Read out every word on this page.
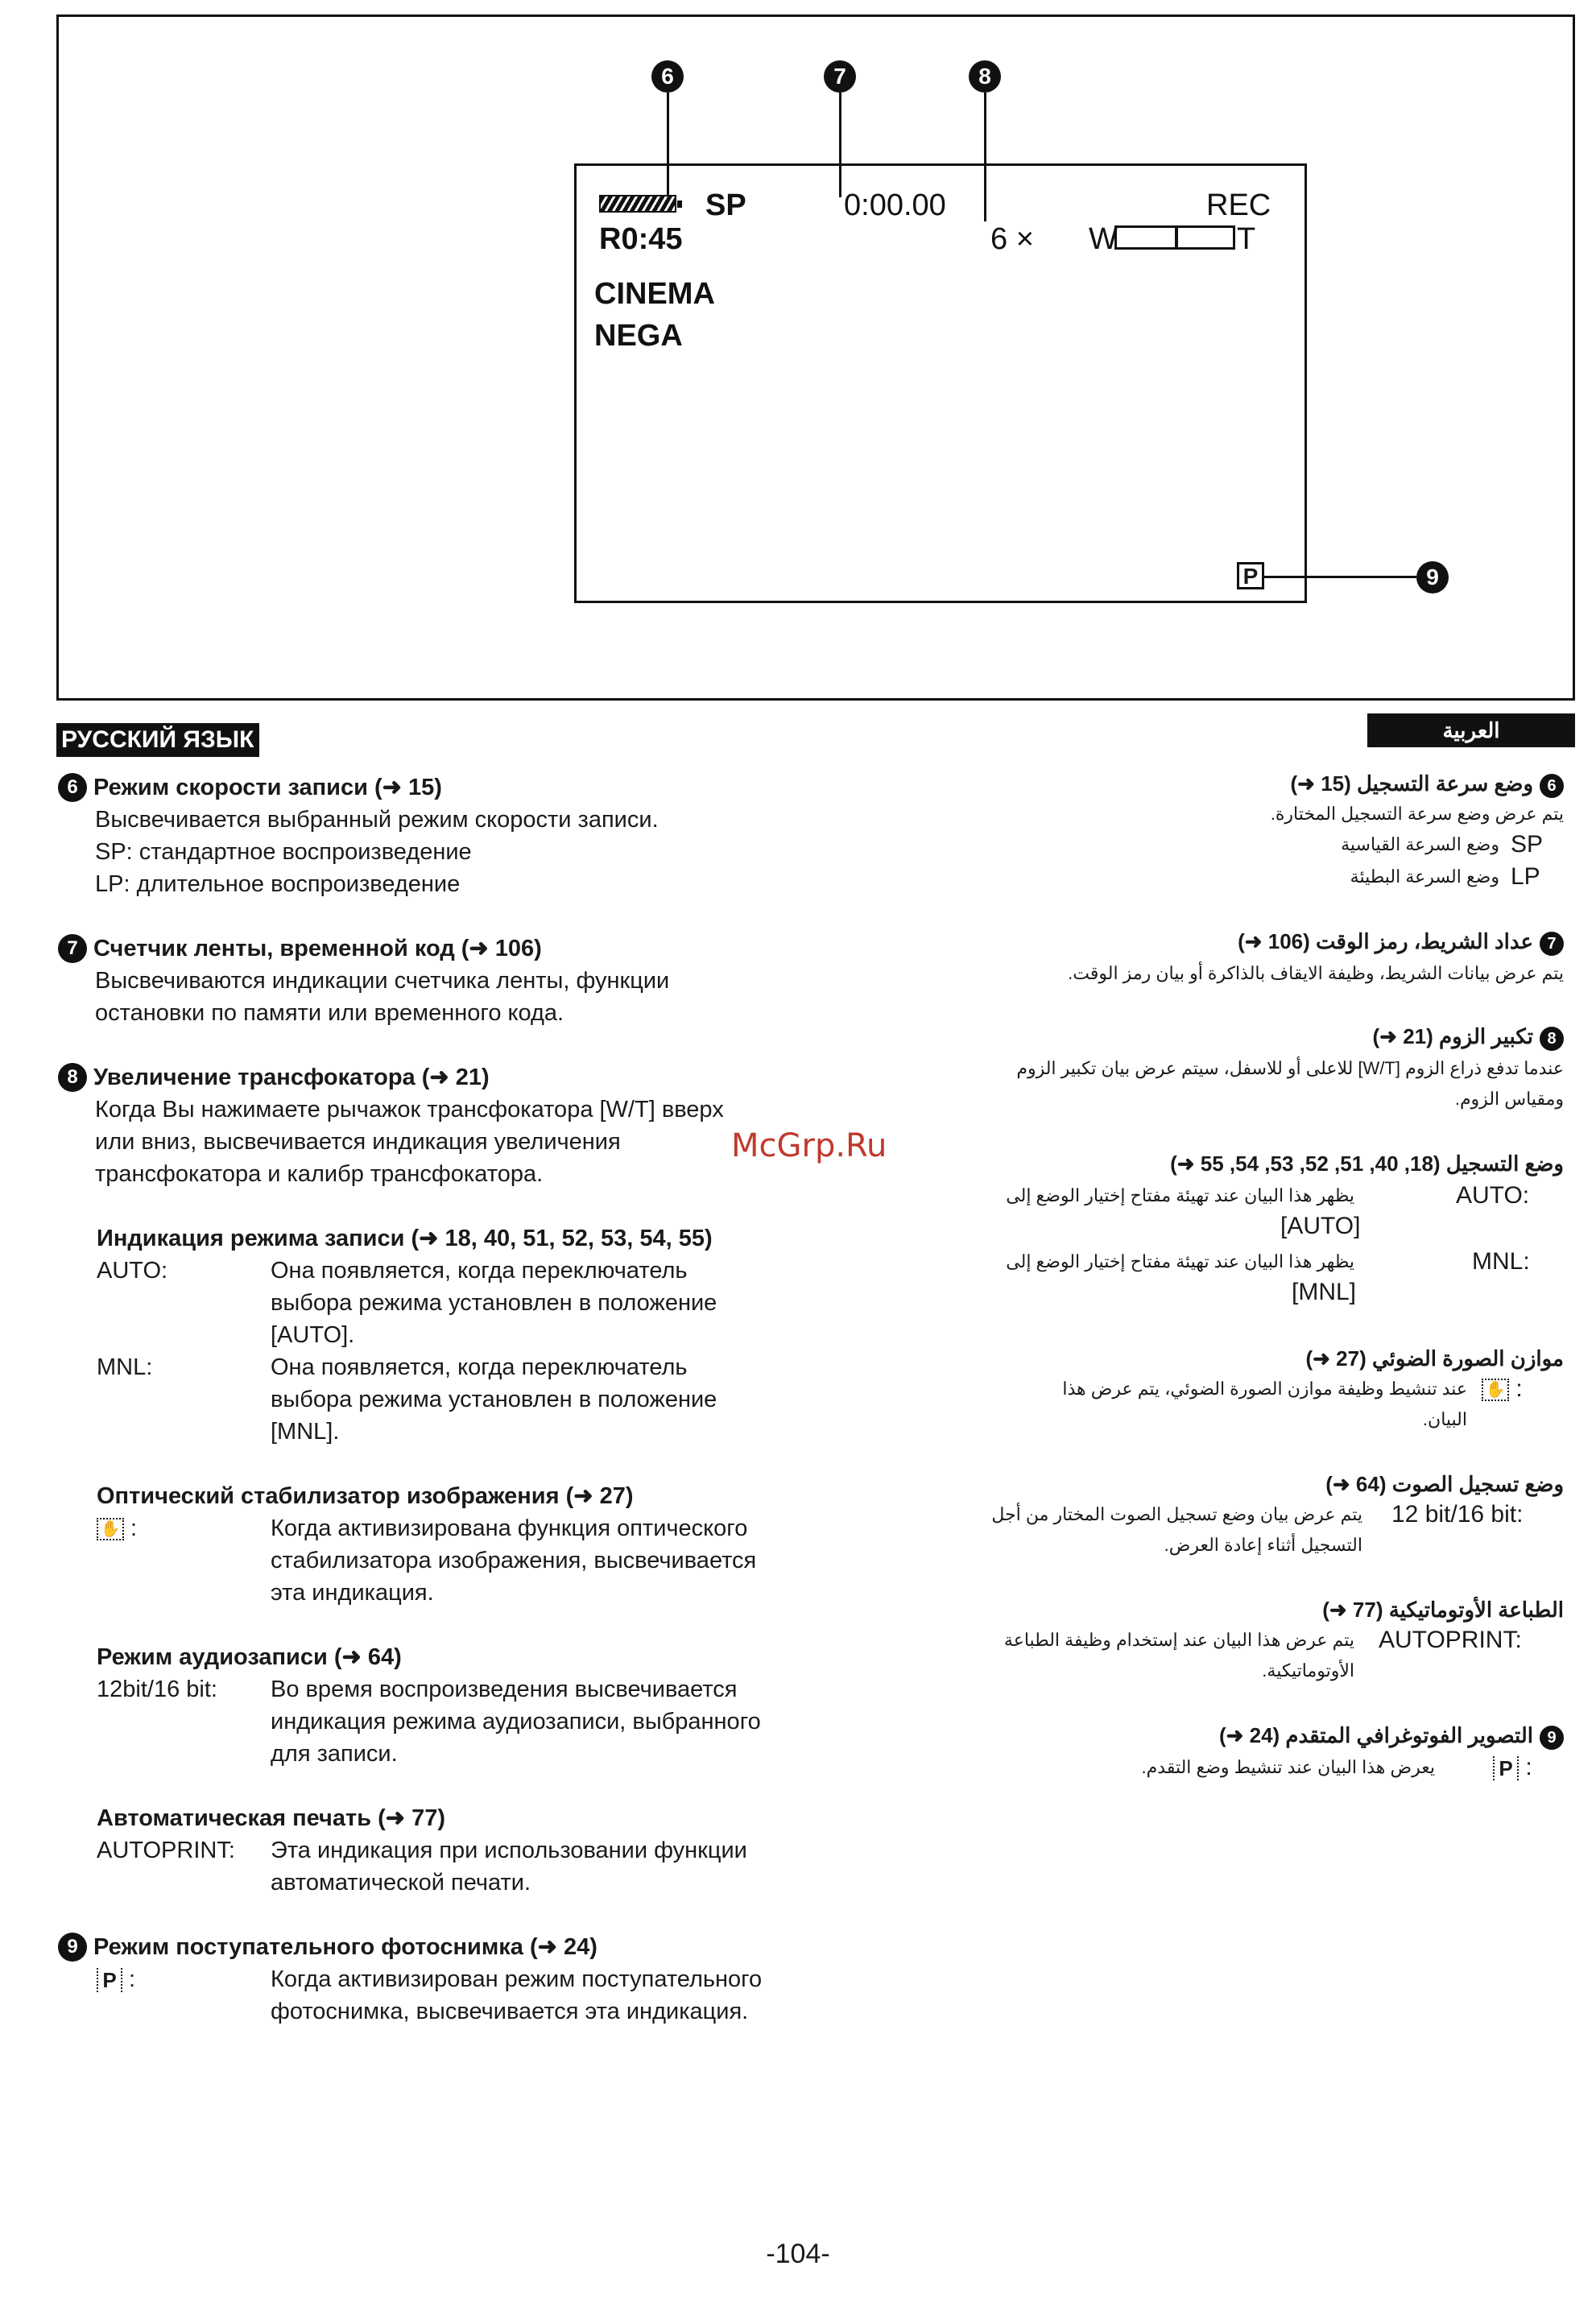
6	7	8
SP	0:00.00	REC
R0:45	6 × W	T
CINEMA
NEGA
P	9
РУССКИЙ ЯЗЫК
6 Режим скорости записи (➜ 15)
Высвечивается выбранный режим скорости записи.
SP: стандартное воспроизведение
LP: длительное воспроизведение
7 Счетчик ленты, временной код (➜ 106)
Высвечиваются индикации счетчика ленты, функции
остановки по памяти или временного кода.
8 Увеличение трансфокатора (➜ 21)
Когда Вы нажимаете рычажок трансфокатора [W/T] вверх
или вниз, высвечивается индикация увеличения
трансфокатора и калибр трансфокатора.
Индикация режима записи (➜ 18, 40, 51, 52, 53, 54, 55)
AUTO:	Она появляется, когда переключатель
выбора режима установлен в положение
[AUTO].
MNL:	Она появляется, когда переключатель
выбора режима установлен в положение
[MNL].
Оптический стабилизатор изображения (➜ 27)
✋ :	Когда активизирована функция оптического
стабилизатора изображения, высвечивается
эта индикация.
Режим аудиозаписи (➜ 64)
12bit/16 bit: Во время воспроизведения высвечивается
индикация режима аудиозаписи, выбранного
для записи.
Автоматическая печать (➜ 77)
AUTOPRINT: Эта индикация при использовании функции
автоматической печати.
9 Режим поступательного фотоснимка (➜ 24)
P :	Когда активизирован режим поступательного
фотоснимка, высвечивается эта индикация.
McGrp.Ru
العربية
6وضع سرعة التسجيل (15 ➜)
يتم عرض وضع سرعة التسجيل المختارة.
SP
وضع السرعة القياسية
LP
وضع السرعة البطيئة
7عداد الشريط، رمز الوقت (106 ➜)
يتم عرض بيانات الشريط، وظيفة الايقاف بالذاكرة أو بيان رمز الوقت.
8تكبير الزوم (21 ➜)
عندما تدفع ذراع الزوم [W/T] للاعلى أو للاسفل، سيتم عرض بيان تكبير الزوم
ومقياس الزوم.
وضع التسجيل (18, 40, 51, 52, 53, 54, 55 ➜)
AUTO:
يظهر هذا البيان عند تهيئة مفتاح إختيار الوضع إلى
[AUTO]
MNL:
يظهر هذا البيان عند تهيئة مفتاح إختيار الوضع إلى
[MNL]
موازن الصورة الضوئي (27 ➜)
✋ :
عند تنشيط وظيفة موازن الصورة الضوئي، يتم عرض هذا
البيان.
وضع تسجيل الصوت (64 ➜)
12 bit/16 bit:
يتم عرض بيان وضع تسجيل الصوت المختار من أجل
التسجيل أثناء إعادة العرض.
الطباعة الأوتوماتيكية (77 ➜)
AUTOPRINT:
يتم عرض هذا البيان عند إستخدام وظيفة الطباعة
الأوتوماتيكية.
9التصوير الفوتوغرافي المتقدم (24 ➜)
P :
يعرض هذا البيان عند تنشيط وضع التقدم.
-104-
